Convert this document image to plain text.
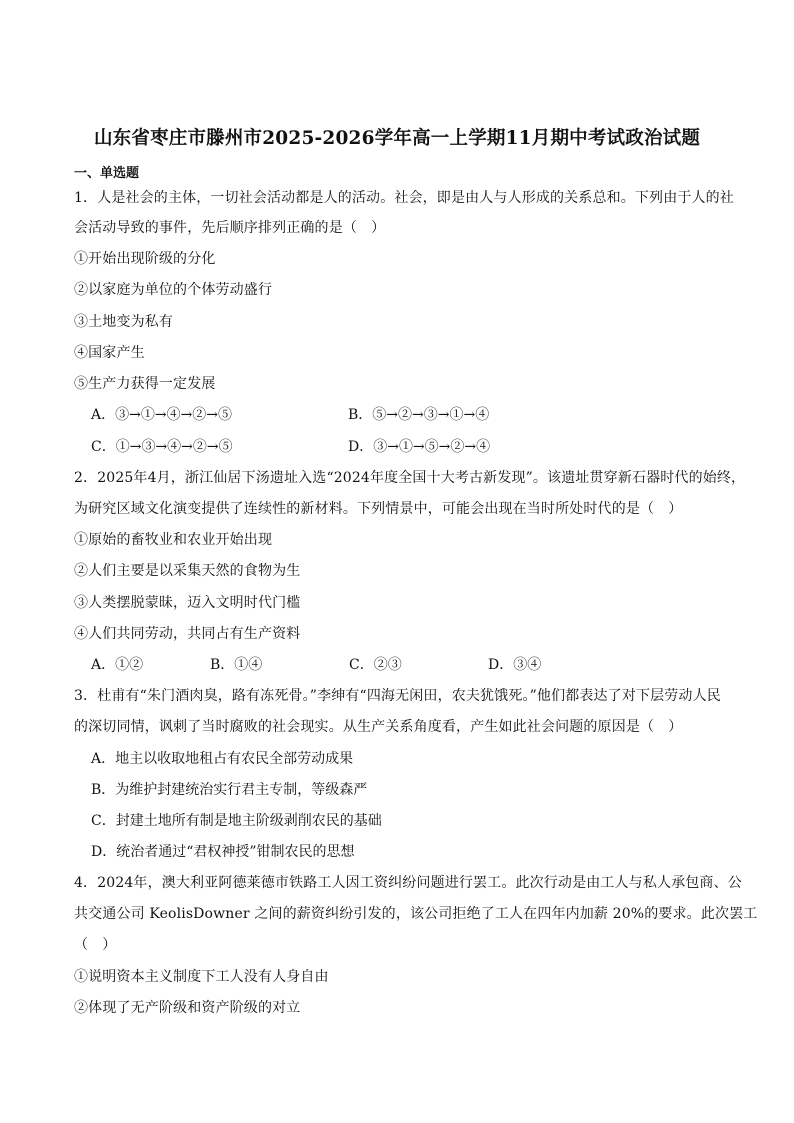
山东省枣庄市滕州市2025-2026学年高一上学期11月期中考试政治试题
一、单选题
1．人是社会的主体，一切社会活动都是人的活动。社会，即是由人与人形成的关系总和。下列由于人的社
会活动导致的事件，先后顺序排列正确的是（　）
①开始出现阶级的分化
②以家庭为单位的个体劳动盛行
③土地变为私有
④国家产生
⑤生产力获得一定发展
A．③→①→④→②→⑤	B．⑤→②→③→①→④
C．①→③→④→②→⑤	D．③→①→⑤→②→④
2．2025年4月，浙江仙居下汤遗址入选“2024年度全国十大考古新发现”。该遗址贯穿新石器时代的始终，
为研究区域文化演变提供了连续性的新材料。下列情景中，可能会出现在当时所处时代的是（　）
①原始的畜牧业和农业开始出现
②人们主要是以采集天然的食物为生
③人类摆脱蒙昧，迈入文明时代门槛
④人们共同劳动，共同占有生产资料
A．①②	B．①④	C．②③	D．③④
3．杜甫有“朱门酒肉臭，路有冻死骨。”李绅有“四海无闲田，农夫犹饿死。”他们都表达了对下层劳动人民
的深切同情，讽刺了当时腐败的社会现实。从生产关系角度看，产生如此社会问题的原因是（　）
A．地主以收取地租占有农民全部劳动成果
B．为维护封建统治实行君主专制，等级森严
C．封建土地所有制是地主阶级剥削农民的基础
D．统治者通过“君权神授”钳制农民的思想
4．2024年，澳大利亚阿德莱德市铁路工人因工资纠纷问题进行罢工。此次行动是由工人与私人承包商、公
共交通公司 KeolisDowner 之间的薪资纠纷引发的，该公司拒绝了工人在四年内加薪 20%的要求。此次罢工
（　）
①说明资本主义制度下工人没有人身自由
②体现了无产阶级和资产阶级的对立
